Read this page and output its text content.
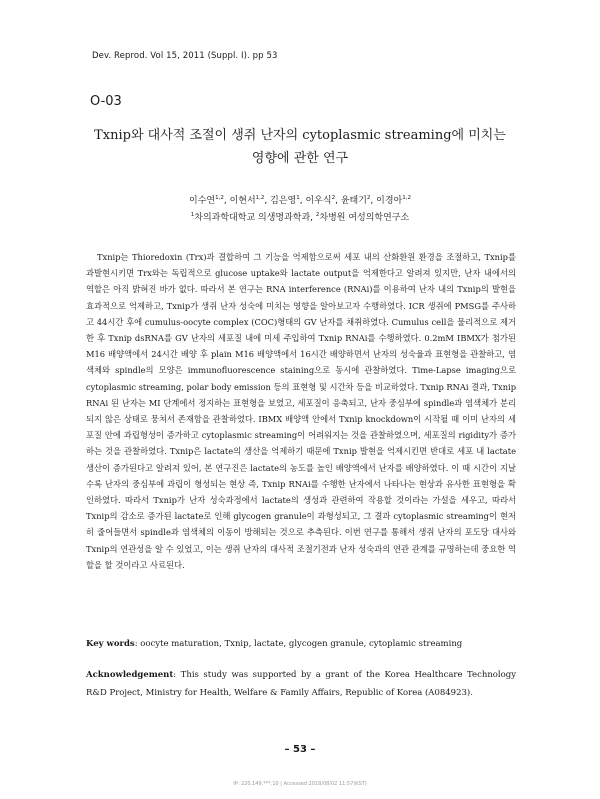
Dev. Reprod. Vol 15, 2011 (Suppl. I). pp 53
O-03
Txnip와 대사적 조절이 생쥐 난자의 cytoplasmic streaming에 미치는
영향에 관한 연구
이수연$^{1,2}$, 이현서$^{1,2}$, 김은영$^1$, 이우식$^2$, 윤태기$^2$, 이경아$^{1,2}$
$^1$차의과학대학교 의생명과학과, $^2$차병원 여성의학연구소

Txnip는 Thioredoxin (Trx)과 결합하여 그 기능을 억제함으로써 세포 내의 산화환원 환경을 조절하고, Txnip를 과발현시키면 Trx와는 독립적으로 glucose uptake와 lactate output을 억제한다고 알려져 있지만, 난자 내에서의 역할은 아직 밝혀진 바가 없다. 따라서 본 연구는 RNA interference (RNAi)를 이용하여 난자 내의 Txnip의 발현을 효과적으로 억제하고, Txnip가 생쥐 난자 성숙에 미치는 영향을 알아보고자 수행하였다. ICR 생쥐에 PMSG를 주사하고 44시간 후에 cumulus-oocyte complex (COC)형태의 GV 난자를 채취하였다. Cumulus cell을 물리적으로 제거한 후 Txnip dsRNA를 GV 난자의 세포질 내에 미세 주입하여 Txnip RNAi를 수행하였다. 0.2mM IBMX가 첨가된 M16 배양액에서 24시간 배양 후 plain M16 배양액에서 16시간 배양하면서 난자의 성숙율과 표현형을 관찰하고, 염색체와 spindle의 모양은 immunofluorescence staining으로 동시에 관찰하였다. Time-Lapse imaging으로 cytoplasmic streaming, polar body emission 등의 표현형 및 시간차 등을 비교하였다. Txnip RNAi 결과, Txnip RNAi 된 난자는 MI 단계에서 정지하는 표현형을 보였고, 세포질이 응축되고, 난자 중심부에 spindle과 염색체가 분리되지 않은 상태로 뭉쳐서 존재함을 관찰하였다. IBMX 배양액 안에서 Txnip knockdown이 시작될 때 이미 난자의 세포질 안에 과립형성이 증가하고 cytoplasmic streaming이 어려워지는 것을 관찰하였으며, 세포질의 rigidity가 증가하는 것을 관찰하였다. Txnip은 lactate의 생산을 억제하기 때문에 Txnip 발현을 억제시킨면 반대로 세포 내 lactate 생산이 증가된다고 알려져 있어, 본 연구진은 lactate의 농도를 높인 배양액에서 난자를 배양하였다. 이 때 시간이 지날수록 난자의 중심부에 과립이 형성되는 현상 즉, Txnip RNAi를 수행한 난자에서 나타나는 현상과 유사한 표현형을 확인하였다. 따라서 Txnip가 난자 성숙과정에서 lactate의 생성과 관련하여 작용할 것이라는 가설을 세우고, 따라서 Txnip의 감소로 증가된 lactate로 인해 glycogen granule이 과형성되고, 그 결과 cytoplasmic streaming이 현저히 줄어들면서 spindle과 염색체의 이동이 방해되는 것으로 추측된다. 이번 연구를 통해서 생쥐 난자의 포도당 대사와 Txnip의 연관성을 알 수 있었고, 이는 생쥐 난자의 대사적 조절기전과 난자 성숙과의 연관 관계를 규명하는데 중요한 역할을 할 것이라고 사료된다.

Key words: oocyte maturation, Txnip, lactate, glycogen granule, cytoplamic streaming
Acknowledgement: This study was supported by a grant of the Korea Healthcare Technology R&D Project, Ministry for Health, Welfare & Family Affairs, Republic of Korea (A084923).
– 53 –
IP: 220.149.***.10 | Accessed 2018/08/02 11:57(KST)
